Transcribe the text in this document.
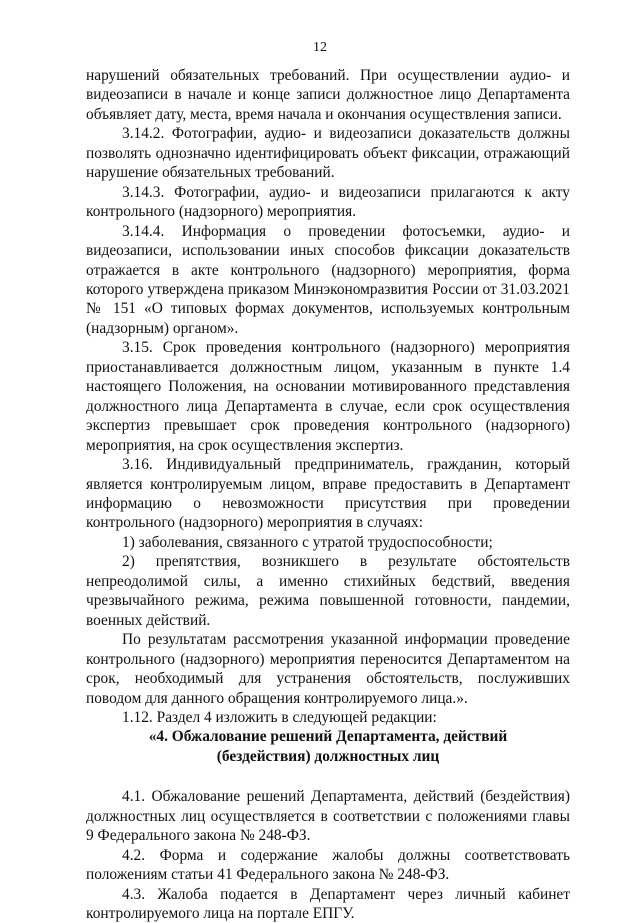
12

нарушений обязательных требований. При осуществлении аудио- и видеозаписи в начале и конце записи должностное лицо Департамента объявляет дату, места, время начала и окончания осуществления записи.

3.14.2. Фотографии, аудио- и видеозаписи доказательств должны позволять однозначно идентифицировать объект фиксации, отражающий нарушение обязательных требований.

3.14.3. Фотографии, аудио- и видеозаписи прилагаются к акту контрольного (надзорного) мероприятия.

3.14.4. Информация о проведении фотосъемки, аудио- и видеозаписи, использовании иных способов фиксации доказательств отражается в акте контрольного (надзорного) мероприятия, форма которого утверждена приказом Минэкономразвития России от 31.03.2021 № 151 «О типовых формах документов, используемых контрольным (надзорным) органом».

3.15. Срок проведения контрольного (надзорного) мероприятия приостанавливается должностным лицом, указанным в пункте 1.4 настоящего Положения, на основании мотивированного представления должностного лица Департамента в случае, если срок осуществления экспертиз превышает срок проведения контрольного (надзорного) мероприятия, на срок осуществления экспертиз.

3.16. Индивидуальный предприниматель, гражданин, который является контролируемым лицом, вправе предоставить в Департамент информацию о невозможности присутствия при проведении контрольного (надзорного) мероприятия в случаях:

1) заболевания, связанного с утратой трудоспособности;

2) препятствия, возникшего в результате обстоятельств непреодолимой силы, а именно стихийных бедствий, введения чрезвычайного режима, режима повышенной готовности, пандемии, военных действий.

По результатам рассмотрения указанной информации проведение контрольного (надзорного) мероприятия переносится Департаментом на срок, необходимый для устранения обстоятельств, послуживших поводом для данного обращения контролируемого лица.».

1.12. Раздел 4 изложить в следующей редакции:

«4. Обжалование решений Департамента, действий

(бездействия) должностных лиц

4.1. Обжалование решений Департамента, действий (бездействия) должностных лиц осуществляется в соответствии с положениями главы 9 Федерального закона № 248-ФЗ.

4.2. Форма и содержание жалобы должны соответствовать положениям статьи 41 Федерального закона № 248-ФЗ.

4.3. Жалоба подается в Департамент через личный кабинет контролируемого лица на портале ЕПГУ.
